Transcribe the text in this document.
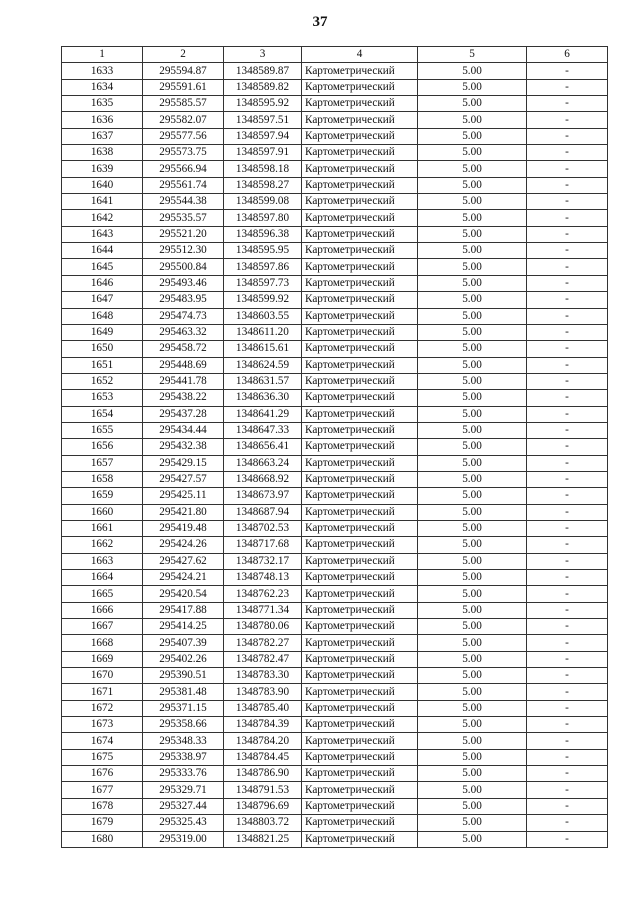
37
1	2	3	4	5	6
1633	295594.87	1348589.87	Картометрический	5.00	-
1634	295591.61	1348589.82	Картометрический	5.00	-
1635	295585.57	1348595.92	Картометрический	5.00	-
1636	295582.07	1348597.51	Картометрический	5.00	-
1637	295577.56	1348597.94	Картометрический	5.00	-
1638	295573.75	1348597.91	Картометрический	5.00	-
1639	295566.94	1348598.18	Картометрический	5.00	-
1640	295561.74	1348598.27	Картометрический	5.00	-
1641	295544.38	1348599.08	Картометрический	5.00	-
1642	295535.57	1348597.80	Картометрический	5.00	-
1643	295521.20	1348596.38	Картометрический	5.00	-
1644	295512.30	1348595.95	Картометрический	5.00	-
1645	295500.84	1348597.86	Картометрический	5.00	-
1646	295493.46	1348597.73	Картометрический	5.00	-
1647	295483.95	1348599.92	Картометрический	5.00	-
1648	295474.73	1348603.55	Картометрический	5.00	-
1649	295463.32	1348611.20	Картометрический	5.00	-
1650	295458.72	1348615.61	Картометрический	5.00	-
1651	295448.69	1348624.59	Картометрический	5.00	-
1652	295441.78	1348631.57	Картометрический	5.00	-
1653	295438.22	1348636.30	Картометрический	5.00	-
1654	295437.28	1348641.29	Картометрический	5.00	-
1655	295434.44	1348647.33	Картометрический	5.00	-
1656	295432.38	1348656.41	Картометрический	5.00	-
1657	295429.15	1348663.24	Картометрический	5.00	-
1658	295427.57	1348668.92	Картометрический	5.00	-
1659	295425.11	1348673.97	Картометрический	5.00	-
1660	295421.80	1348687.94	Картометрический	5.00	-
1661	295419.48	1348702.53	Картометрический	5.00	-
1662	295424.26	1348717.68	Картометрический	5.00	-
1663	295427.62	1348732.17	Картометрический	5.00	-
1664	295424.21	1348748.13	Картометрический	5.00	-
1665	295420.54	1348762.23	Картометрический	5.00	-
1666	295417.88	1348771.34	Картометрический	5.00	-
1667	295414.25	1348780.06	Картометрический	5.00	-
1668	295407.39	1348782.27	Картометрический	5.00	-
1669	295402.26	1348782.47	Картометрический	5.00	-
1670	295390.51	1348783.30	Картометрический	5.00	-
1671	295381.48	1348783.90	Картометрический	5.00	-
1672	295371.15	1348785.40	Картометрический	5.00	-
1673	295358.66	1348784.39	Картометрический	5.00	-
1674	295348.33	1348784.20	Картометрический	5.00	-
1675	295338.97	1348784.45	Картометрический	5.00	-
1676	295333.76	1348786.90	Картометрический	5.00	-
1677	295329.71	1348791.53	Картометрический	5.00	-
1678	295327.44	1348796.69	Картометрический	5.00	-
1679	295325.43	1348803.72	Картометрический	5.00	-
1680	295319.00	1348821.25	Картометрический	5.00	-
